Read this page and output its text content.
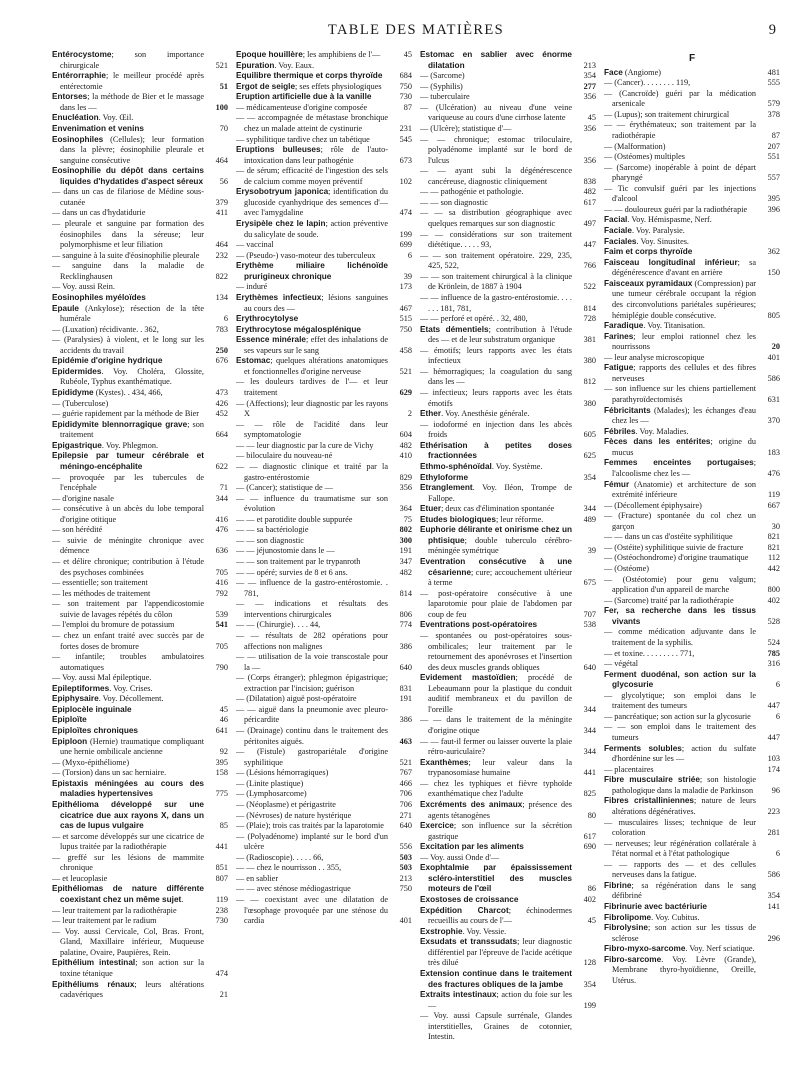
TABLE DES MATIÈRES	9

Entérocystome; son importance chirurgicale	521

Entérorraphie; le meilleur procédé après entérectomie	51

Entorses; la méthode de Bier et le massage dans les —	100

Enucléation. Voy. Œil.

Envenimation et venins	70

Eosinophiles (Cellules); leur formation dans la plèvre; éosinophilie pleurale et sanguine consécutive	464

Eosinophilie du dépôt dans certains liquides d'hydatides d'aspect séreux 56

— dans un cas de filariose de Médine sous-cutanée	379

— dans un cas d'hydatidurie	411

— pleurale et sanguine par formation des éosinophiles dans la séreuse; leur polymorphisme et leur filiation	464

— sanguine à la suite d'éosinophilie pleurale 232

— sanguine dans la maladie de Recklinghausen	822

— Voy. aussi Rein.

Eosinophiles myéloïdes	134

Epaule (Ankylose); résection de la tête humérale	6

— (Luxation) récidivante. . 362,	783

— (Paralysies) à violent, et le long sur les accidents du travail	250

Epidémie d'origine hydrique	676

Epidermides. Voy. Choléra, Glossite, Rubéole, Typhus exanthématique.

Epididyme (Kystes). . 434, 466,	473

— (Tuberculose)	426

— guérie rapidement par la méthode de Bier 452

Epididymite blennorragique grave; son traitement	664

Epigastrique. Voy. Phlegmon.

Epilepsie par tumeur cérébrale et méningo-encéphalite	622

— provoquée par les tubercules de l'encéphale	71

— d'origine nasale	344

— consécutive à un abcès du lobe temporal d'origine otitique	416

— son hérédité	476

— suivie de méningite chronique avec démence	636

— et délire chronique; contribution à l'étude des psychoses combinées	705

— essentielle; son traitement	416

— les méthodes de traitement	792

— son traitement par l'appendicostomie suivie de lavages répétés du côlon	539

— l'emploi du bromure de potassium	541

— chez un enfant traité avec succès par de fortes doses de bromure	705

— infantile; troubles ambulatoires automatiques	790

— Voy. aussi Mal épileptique.

Epileptiformes. Voy. Crises.

Epiphysaire. Voy. Décollement.

Epiplocèle inguinale	45

Epiploïte	46

Epiploïtes chroniques	641

Epiploon (Hernie) traumatique compliquant une hernie ombilicale ancienne	92

— (Myxo-épithéliome)	395

— (Torsion) dans un sac herniaire.	158

Epistaxis méningées au cours des maladies hypertensives	775

Epithélioma développé sur une cicatrice due aux rayons X, dans un cas de lupus vulgaire	85

— et sarcome développés sur une cicatrice de lupus traitée par la radiothérapie	441

— greffé sur les lésions de mammite chronique	851

— et leucoplasie	807

Epithéliomas de nature différente coexistant chez un même sujet.	119

— leur traitement par la radiothérapie	238

— leur traitement par le radium	730

— Voy. aussi Cervicale, Col, Bras. Front, Gland, Maxillaire inférieur, Muqueuse palatine, Ovaire, Paupières, Rein.

Epithélium intestinal; son action sur la toxine tétanique	474

Epithéliums rénaux; leurs altérations cadavériques	21

Epoque houillère; les amphibiens de l'—	45

Epuration. Voy. Eaux.

Equilibre thermique et corps thyroïde 684

Ergot de seigle; ses effets physiologiques 750

Eruption artificielle due à la vanille	730

— médicamenteuse d'origine composée	87

— — accompagnée de métastase bronchique chez un malade atteint de cystinurie	231

— syphilitique tardive chez un tabétique	545

Eruptions bulleuses; rôle de l'auto-intoxication dans leur pathogénie	673

— de sérum; efficacité de l'ingestion des sels de calcium comme moyen préventif	102

Erysobotryum japonica; identification du glucoside cyanhydrique des semences d'— avec l'amygdaline	474

Erysipèle chez le lapin; action préventive du salicylate de soude.	199

— vaccinal	699

— (Pseudo-) vaso-moteur des tuberculeux	6

Erythème miliaire lichénoïde prurigineux chronique	39

— induré	173

Erythèmes infectieux; lésions sanguines au cours des —	467

Erythrocytolyse	515

Erythrocytose mégalosplénique	750

Essence minérale; effet des inhalations de ses vapeurs sur le sang	458

Estomac; quelques altérations anatomiques et fonctionnelles d'origine nerveuse	521

— les douleurs tardives de l'— et leur traitement	629

— (Affections); leur diagnostic par les rayons X	2

— — rôle de l'acidité dans leur symptomatologie	604

— — leur diagnostic par la cure de Vichy	482

— biloculaire du nouveau-né	410

— — diagnostic clinique et traité par la gastro-entérostomie	829

— (Cancer); statistique de —	356

— — influence du traumatisme sur son évolution	364

— — et parotidite double suppurée	75

— — sa bactériologie	802

— — son diagnostic	300

— — jéjunostomie dans le —	191

— — son traitement par le trypanroth	347

— — opéré; survies de 8 et 6 ans.	482

— — influence de la gastro-entérostomie. . 781,	814

— — indications et résultats des interventions chirurgicales	806

— — (Chirurgie). . . . 44,	774

— — résultats de 282 opérations pour affections non malignes	386

— — utilisation de la voie transcostale pour la —	640

— (Corps étranger); phlegmon épigastrique; extraction par l'incision; guérison	831

— (Dilatation) aiguë post-opératoire	191

— — aiguë dans la pneumonie avec pleuro-péricardite	386

— (Drainage) continu dans le traitement des péritonites aiguës.	463

— (Fistule) gastropariétale d'origine syphilitique	521

— (Lésions hémorragiques)	767

— (Linite plastique)	466

— (Lymphosarcome)	706

— (Néoplasme) et périgastrite	706

— (Névroses) de nature hystérique	271

— (Plaie); trois cas traités par la laparotomie 640

— (Polyadénome) implanté sur le bord d'un ulcère	556

— (Radioscopie). . . . . 66,	503

— — chez le nourrisson . . 355,	503

— en sablier	213

— — avec sténose médiogastrique	750

— — coexistant avec une dilatation de l'œsophage provoquée par une sténose du cardia	401

Estomac en sablier avec énorme dilatation	213

— (Sarcome)	354

— (Syphilis)	277

— tuberculaire	356

— (Ulcération) au niveau d'une veine variqueuse au cours d'une cirrhose latente	45

— (Ulcère); statistique d'—	356

— — chronique; estomac triloculaire, polyadénome implanté sur le bord de l'ulcus	356

— — ayant subi la dégénérescence cancéreuse, diagnostic cliniquement	838

— — pathogénie et pathologie.	482

— — son diagnostic	617

— — sa distribution géographique avec quelques remarques sur son diagnostic	497

— — considérations sur son traitement diététique. . . . . 93,	447

— — son traitement opératoire. 229, 235, 425, 522,	766

— — son traitement chirurgical à la clinique de Krönlein, de 1887 à 1904	522

— — influence de la gastro-entérostomie. . . . . . . 181, 781,	814

— — perforé et opéré. . 32, 480,	728

Etats démentiels; contribution à l'étude des — et de leur substratum organique	381

— émotifs; leurs rapports avec les états infectieux	380

— hémorragiques; la coagulation du sang dans les —	812

— infectieux; leurs rapports avec les états émotifs	380

Ether. Voy. Anesthésie générale.

— iodoformé en injection dans les abcès froids	605

Ethérisation à petites doses fractionnées	625

Ethmo-sphénoïdal. Voy. Système.

Ethyloforme	354

Etranglement. Voy. Iléon, Trompe de Fallope.

Etuer; deux cas d'élimination spontanée	344

Etudes biologiques; leur réforme.	489

Euphorie délirante et onirisme chez un phtisique; double tuberculo cérébro-méningée symétrique	39

Eventration consécutive à une césarienne; cure; accouchement ultérieur à terme	675

— post-opératoire consécutive à une laparotomie pour plaie de l'abdomen par coup de feu	707

Eventrations post-opératoires	538

— spontanées ou post-opératoires sous-ombilicales; leur traitement par le retournement des aponévroses et l'insertion des deux muscles grands obliques	640

Evidement mastoïdien; procédé de Lebeaumann pour la plastique du conduit auditif membraneux et du pavillon de l'oreille	344

— — dans le traitement de la méningite d'origine otique	344

— — faut-il fermer ou laisser ouverte la plaie rétro-auriculaire?	344

Exanthèmes; leur valeur dans la trypanosomiase humaine	441

— chez les typhiques et fièvre typhoïde exanthématique chez l'adulte	825

Excréments des animaux; présence des agents tétanogènes	80

Exercice; son influence sur la sécrétion gastrique	617

Excitation par les aliments	690

— Voy. aussi Onde d'—

Exophtalmie par épaississement scléro-interstitiel des muscles moteurs de l'œil	86

Exostoses de croissance	402

Expédition Charcot; échinodermes recueillis au cours de l'—	45

Exstrophie. Voy. Vessie.

Exsudats et transsudats; leur diagnostic différentiel par l'épreuve de l'acide acétique très dilué	128

Extension continue dans le traitement des fractures obliques de la jambe	354

Extraits intestinaux; action du foie sur les —	199

— Voy. aussi Capsule surrénale, Glandes interstitielles, Graines de cotonnier, Intestin.

F

Face (Angiome)	481

— (Cancer). . . . . . . . 119,	555

— (Cancroïde) guéri par la médication arsenicale	579

— (Lupus); son traitement chirurgical	378

— — érythémateux; son traitement par la radiothérapie	87

— (Malformation)	207

— (Ostéomes) multiples	551

— (Sarcome) inopérable à point de départ pharyngé	557

— Tic convulsif guéri par les injections d'alcool	395

— — douloureux guéri par la radiothérapie 396

Facial. Voy. Hémispasme, Nerf.

Faciale. Voy. Paralysie.

Faciales. Voy. Sinusites.

Faim et corps thyroïde	362

Faisceau longitudinal inférieur; sa dégénérescence d'avant en arrière	150

Faisceaux pyramidaux (Compression) par une tumeur cérébrale occupant la région des circonvolutions pariétales supérieures; hémiplégie double consécutive.	805

Faradique. Voy. Titanisation.

Farines; leur emploi rationnel chez les nourrissons	20

— leur analyse microscopique	401

Fatigue; rapports des cellules et des fibres nerveuses	586

— son influence sur les chiens partiellement parathyroïdectomisés	631

Fébricitants (Malades); les échanges d'eau chez les —	370

Fébriles. Voy. Maladies.

Fèces dans les entérites; origine du mucus	183

Femmes enceintes portugaises; l'alcoolisme chez les —	476

Fémur (Anatomie) et architecture de son extrémité inférieure	119

— (Décollement épiphysaire)	667

— (Fracture) spontanée du col chez un garçon	30

— — dans un cas d'ostéite syphilitique	821

— (Ostéite) syphilitique suivie de fracture	821

— (Ostéochondrome) d'origine traumatique 112

— (Ostéome)	442

— (Ostéotomie) pour genu valgum; application d'un appareil de marche	800

— (Sarcome) traité par la radiothérapie	402

Fer, sa recherche dans les tissus vivants	528

— comme médication adjuvante dans le traitement de la syphilis.	524

— et toxine. . . . . . . . . 771,	785

— végétal	316

Ferment duodénal, son action sur la glycosurie	6

— glycolytique; son emploi dans le traitement des tumeurs	447

— pancréatique; son action sur la glycosurie	6

— — son emploi dans le traitement des tumeurs	447

Ferments solubles; action du sulfate d'hordénine sur les —	103

— placentaires	174

Fibre musculaire striée; son histologie pathologique dans la maladie de Parkinson 96

Fibres cristalliniennes; nature de leurs altérations dégénératives.	223

— musculaires lisses; technique de leur coloration	281

— nerveuses; leur régénération collatérale à l'état normal et à l'état pathologique	6

— — rapports des — et des cellules nerveuses dans la fatigue.	586

Fibrine; sa régénération dans le sang défibriné	354

Fibrinurie avec bactériurie	141

Fibrolipome. Voy. Cubitus.

Fibrolysine; son action sur les tissus de sclérose	296

Fibro-myxo-sarcome. Voy. Nerf sciatique.

Fibro-sarcome. Voy. Lèvre (Grande), Membrane thyro-hyoïdienne, Oreille, Utérus.
